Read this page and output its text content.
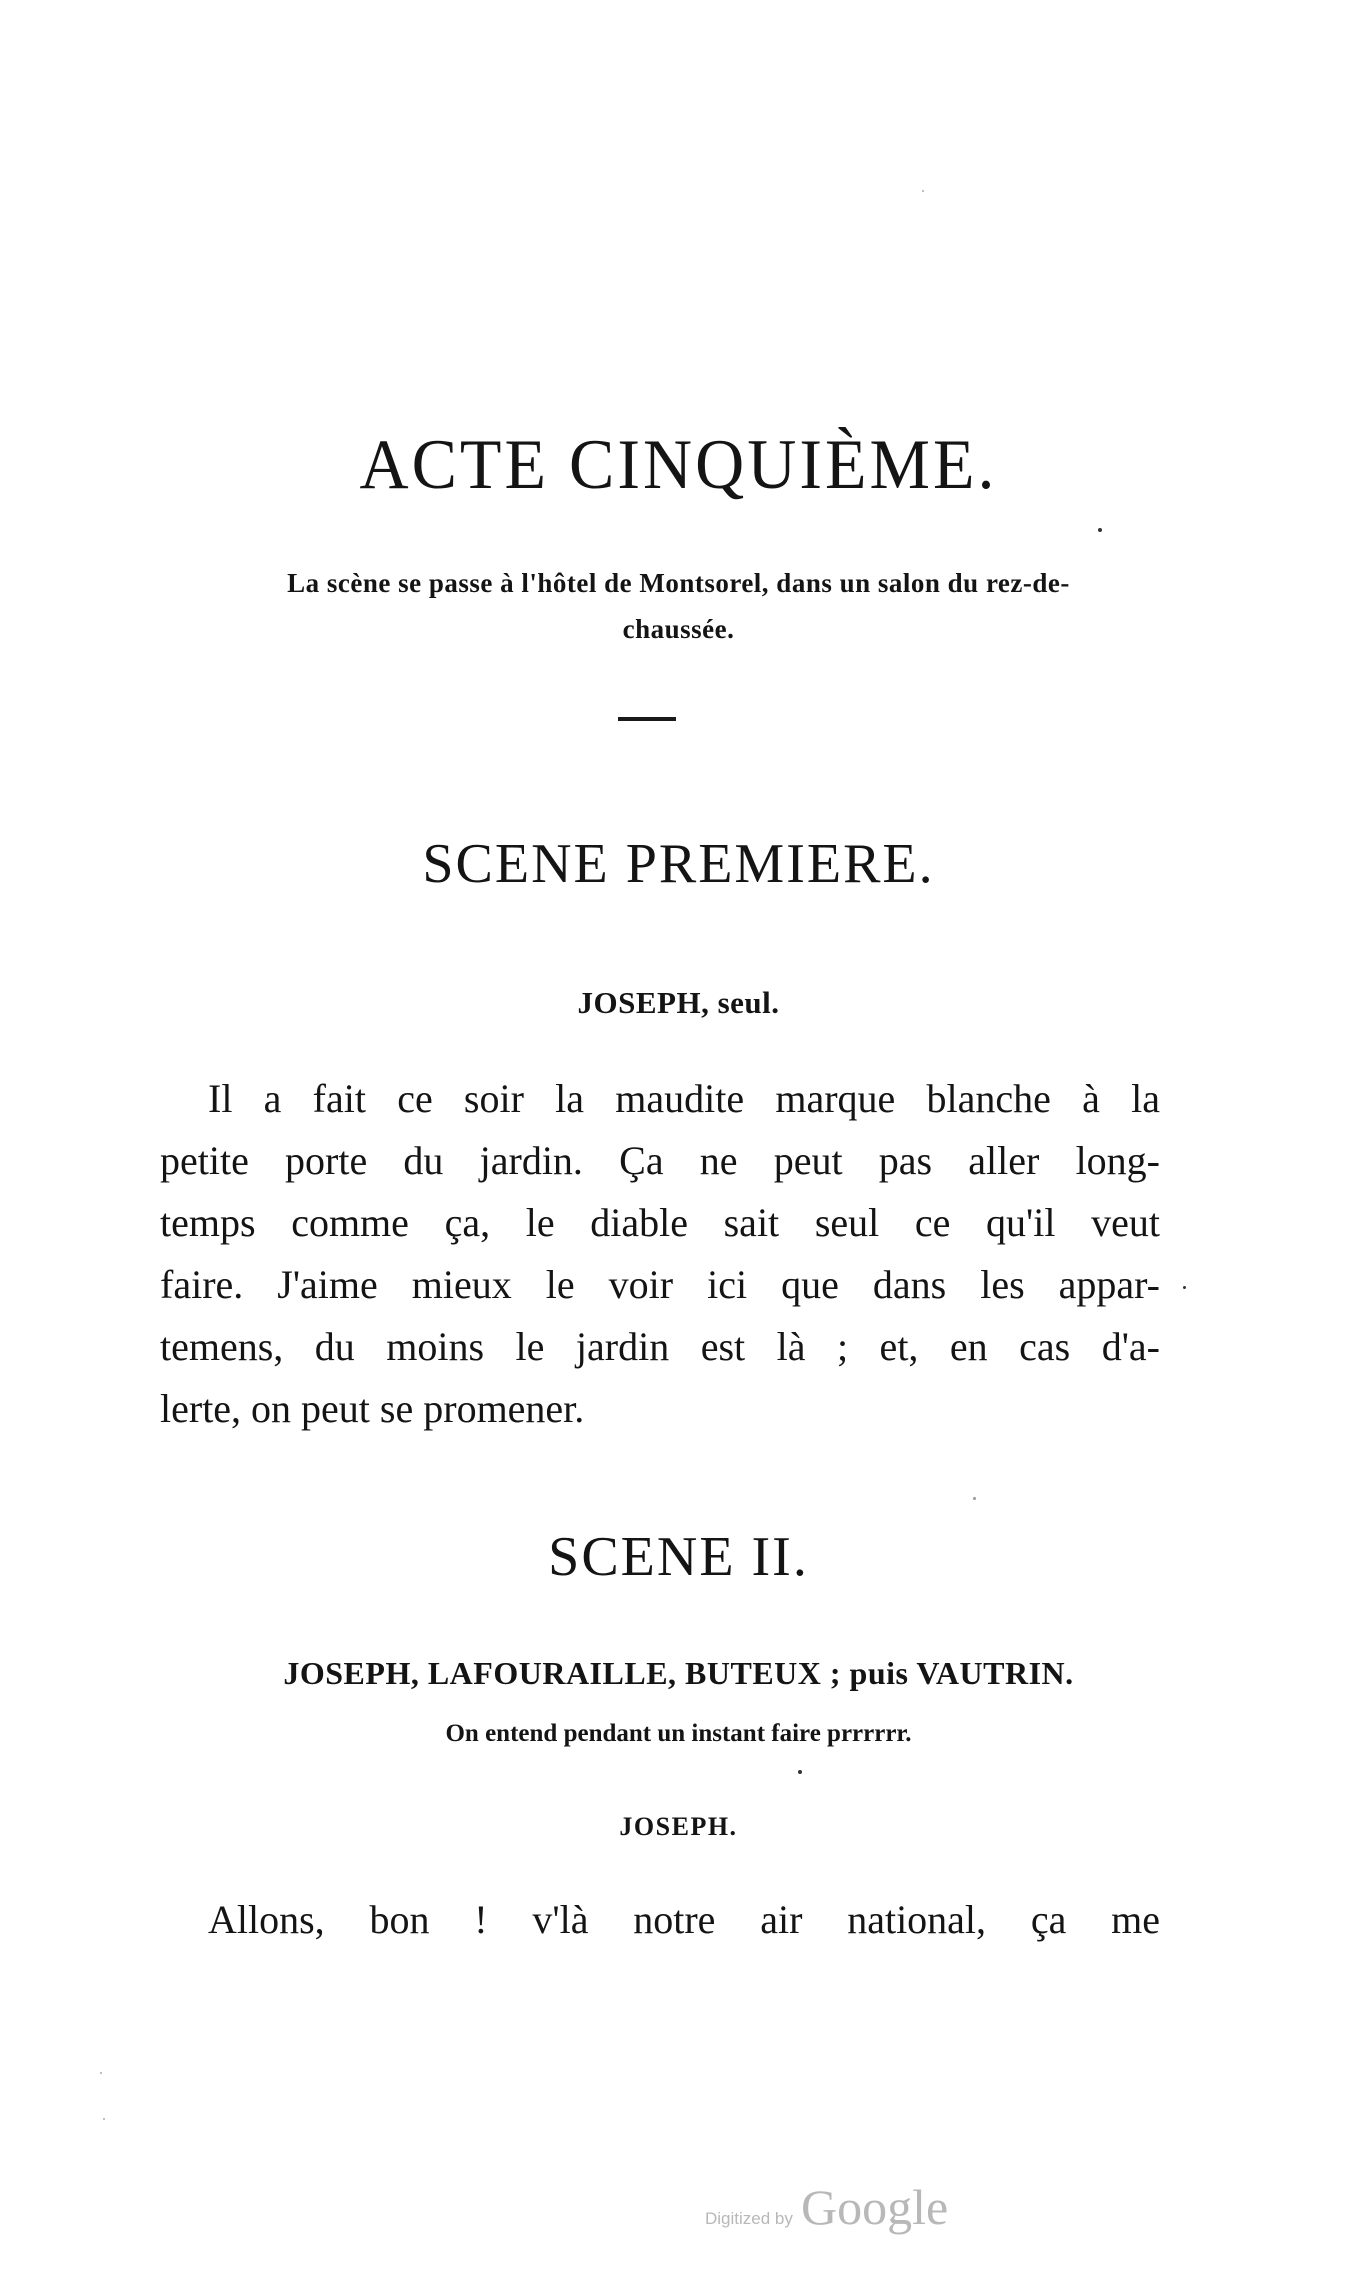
ACTE CINQUIÈME.
La scène se passe à l'hôtel de Montsorel, dans un salon du rez-de-
chaussée.
SCENE PREMIERE.
JOSEPH, seul.
Il a fait ce soir la maudite marque blanche à la
petite porte du jardin. Ça ne peut pas aller long-
temps comme ça, le diable sait seul ce qu'il veut
faire. J'aime mieux le voir ici que dans les appar-
temens, du moins le jardin est là ; et, en cas d'a-
lerte, on peut se promener.
SCENE II.
JOSEPH, LAFOURAILLE, BUTEUX ; puis VAUTRIN.
On entend pendant un instant faire prrrrrr.
JOSEPH.
Allons, bon ! v'là notre air national, ça me
Digitized by Google
